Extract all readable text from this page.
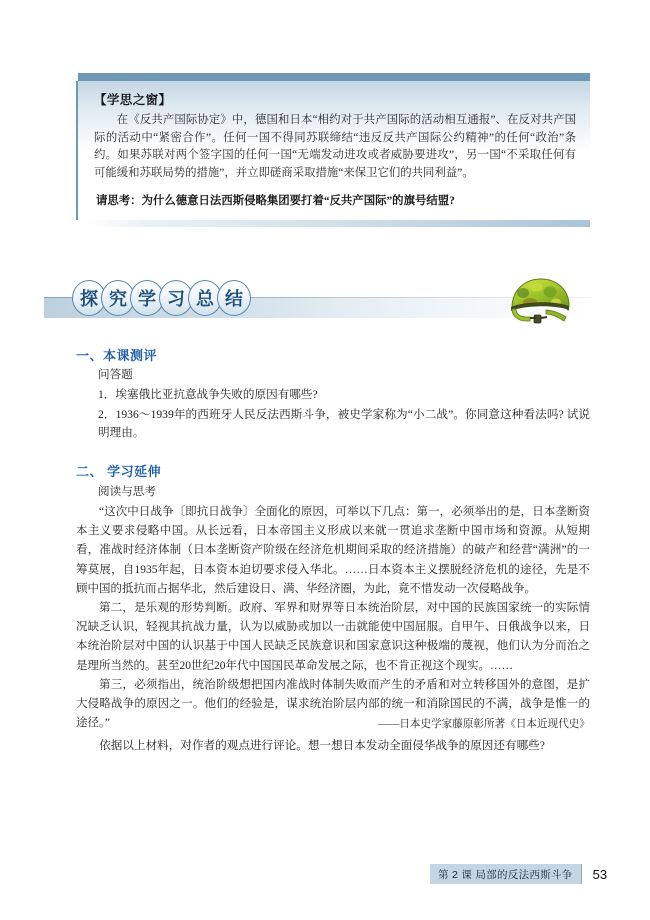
【学思之窗】

在《反共产国际协定》中，德国和日本“相约对于共产国际的活动相互通报”、在反对共产国际的活动中“紧密合作”。任何一国不得同苏联缔结“违反反共产国际公约精神”的任何“政治”条约。如果苏联对两个签字国的任何一国“无端发动进攻或者威胁要进攻”，另一国“不采取任何有可能缓和苏联局势的措施”，并立即磋商采取措施“来保卫它们的共同利益”。

请思考：为什么德意日法西斯侵略集团要打着“反共产国际”的旗号结盟?

探 究 学 习 总 结
一、本课测评
问答题
1．埃塞俄比亚抗意战争失败的原因有哪些?
2．1936～1939年的西班牙人民反法西斯斗争，被史学家称为“小二战”。你同意这种看法吗? 试说明理由。
二、 学习延伸
阅读与思考
“这次中日战争〔即抗日战争〕全面化的原因，可举以下几点：第一，必须举出的是，日本垄断资本主义要求侵略中国。从长远看，日本帝国主义形成以来就一贯追求垄断中国市场和资源。从短期看，准战时经济体制（日本垄断资产阶级在经济危机期间采取的经济措施）的破产和经营“满洲”的一筹莫展，自1935年起，日本资本迫切要求侵入华北。……日本资本主义摆脱经济危机的途径，先是不顾中国的抵抗而占据华北，然后建设日、满、华经济圈，为此，竟不惜发动一次侵略战争。
第二，是乐观的形势判断。政府、军界和财界等日本统治阶层，对中国的民族国家统一的实际情况缺乏认识，轻视其抗战力量，认为以威胁或加以一击就能使中国屈服。自甲午、日俄战争以来，日本统治阶层对中国的认识基于中国人民缺乏民族意识和国家意识这种极端的蔑视，他们认为分而治之是理所当然的。甚至20世纪20年代中国国民革命发展之际，也不肯正视这个现实。……
第三，必须指出，统治阶级想把国内准战时体制失败而产生的矛盾和对立转移国外的意图，是扩大侵略战争的原因之一。他们的经验是，谋求统治阶层内部的统一和消除国民的不满，战争是惟一的途径。”	——日本史学家藤原彰所著《日本近现代史》
依据以上材料，对作者的观点进行评论。想一想日本发动全面侵华战争的原因还有哪些?
第 2 课 局部的反法西斯斗争	53
